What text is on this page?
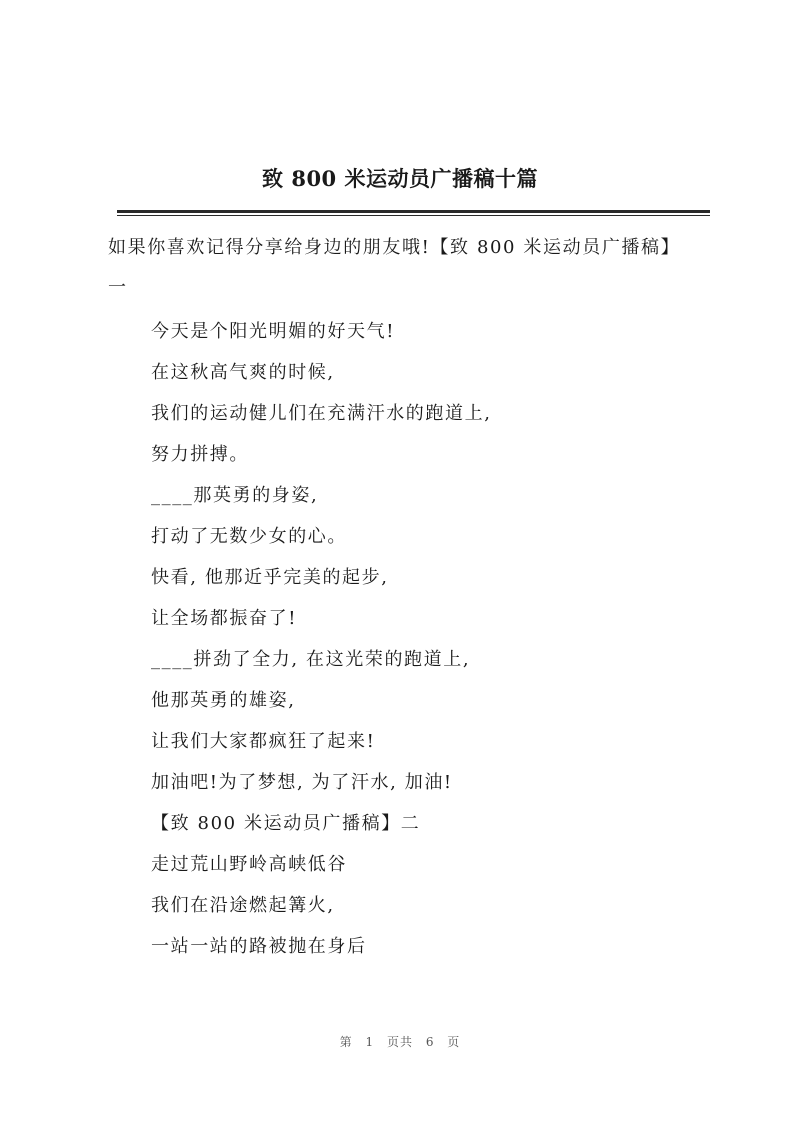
致 800 米运动员广播稿十篇
如果你喜欢记得分享给身边的朋友哦!【致 800 米运动员广播稿】一
今天是个阳光明媚的好天气!
在这秋高气爽的时候,
我们的运动健儿们在充满汗水的跑道上,
努力拼搏。
____那英勇的身姿,
打动了无数少女的心。
快看, 他那近乎完美的起步,
让全场都振奋了!
____拼劲了全力, 在这光荣的跑道上,
他那英勇的雄姿,
让我们大家都疯狂了起来!
加油吧!为了梦想, 为了汗水, 加油!
【致 800 米运动员广播稿】二
走过荒山野岭高峡低谷
我们在沿途燃起篝火,
一站一站的路被抛在身后
第 1 页共 6 页
